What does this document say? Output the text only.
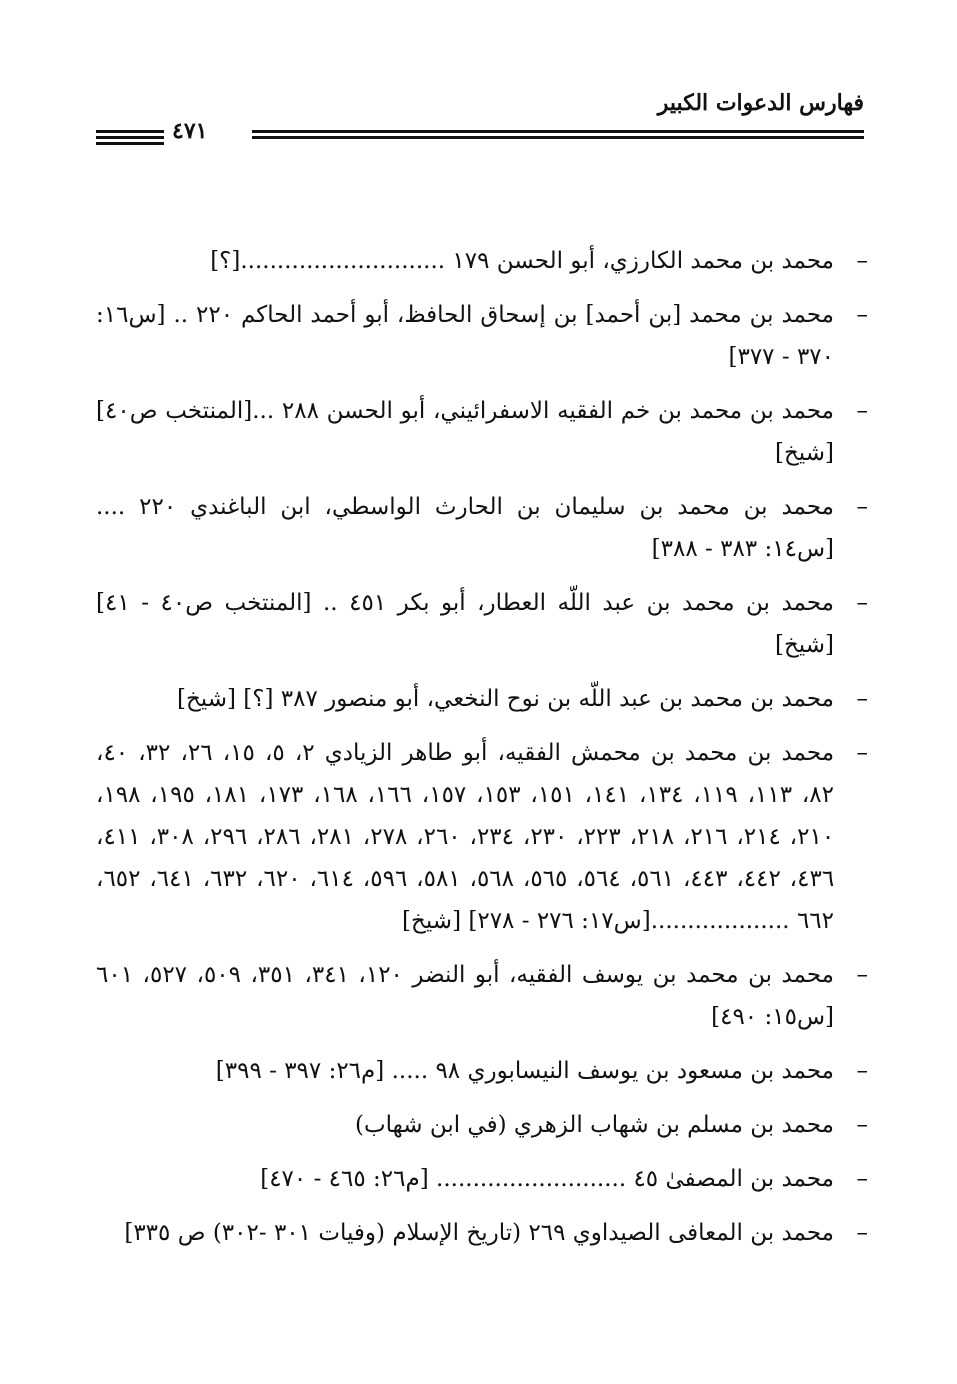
فهارس الدعوات الكبير
٤٧١
–
محمد بن محمد الكارزي، أبو الحسن ١٧٩ ............................[؟]
–
محمد بن محمد [بن أحمد] بن إسحاق الحافظ، أبو أحمد الحاكم ٢٢٠ .. [س١٦: ٣٧٠ - ٣٧٧]
–
محمد بن محمد بن خم الفقيه الاسفرائيني، أبو الحسن ٢٨٨ ...[المنتخب ص٤٠] [شيخ]
–
محمد بن محمد بن سليمان بن الحارث الواسطي، ابن الباغندي ٢٢٠ .... [س١٤: ٣٨٣ - ٣٨٨]
–
محمد بن محمد بن عبد اللّه العطار، أبو بكر ٤٥١ .. [المنتخب ص٤٠ - ٤١] [شيخ]
–
محمد بن محمد بن عبد اللّه بن نوح النخعي، أبو منصور ٣٨٧ [؟] [شيخ]
–
محمد بن محمد بن محمش الفقيه، أبو طاهر الزيادي ٢، ٥، ١٥، ٢٦، ٣٢، ٤٠، ٨٢، ١١٣، ١١٩، ١٣٤، ١٤١، ١٥١، ١٥٣، ١٥٧، ١٦٦، ١٦٨، ١٧٣، ١٨١، ١٩٥، ١٩٨، ٢١٠، ٢١٤، ٢١٦، ٢١٨، ٢٢٣، ٢٣٠، ٢٣٤، ٢٦٠، ٢٧٨، ٢٨١، ٢٨٦، ٢٩٦، ٣٠٨، ٤١١، ٤٣٦، ٤٤٢، ٤٤٣، ٥٦١، ٥٦٤، ٥٦٥، ٥٦٨، ٥٨١، ٥٩٦، ٦١٤، ٦٢٠، ٦٣٢، ٦٤١، ٦٥٢، ٦٦٢ ...................[س١٧: ٢٧٦ - ٢٧٨] [شيخ]
–
محمد بن محمد بن يوسف الفقيه، أبو النضر ١٢٠، ٣٤١، ٣٥١، ٥٠٩، ٥٢٧، ٦٠١ [س١٥: ٤٩٠]
–
محمد بن مسعود بن يوسف النيسابوري ٩٨ ..... [م٢٦: ٣٩٧ - ٣٩٩]
–
محمد بن مسلم بن شهاب الزهري (في ابن شهاب)
–
محمد بن المصفىٰ ٤٥ .......................... [م٢٦: ٤٦٥ - ٤٧٠]
–
محمد بن المعافى الصيداوي ٢٦٩ (تاريخ الإسلام (وفيات ٣٠١ -٣٠٢) ص ٣٣٥]
